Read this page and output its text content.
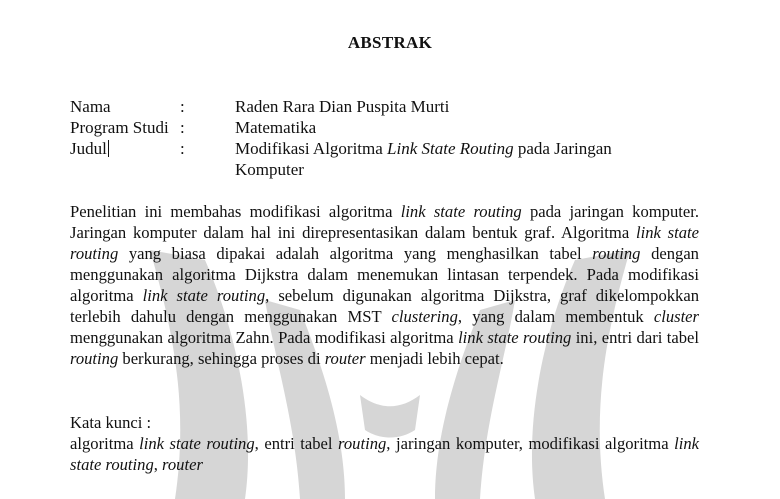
ABSTRAK
Nama	:	Raden Rara Dian Puspita Murti
Program Studi :	Matematika
Judul	:	Modifikasi Algoritma Link State Routing pada Jaringan Komputer
Penelitian ini membahas modifikasi algoritma link state routing pada jaringan komputer. Jaringan komputer dalam hal ini direpresentasikan dalam bentuk graf. Algoritma link state routing yang biasa dipakai adalah algoritma yang menghasilkan tabel routing dengan menggunakan algoritma Dijkstra dalam menemukan lintasan terpendek. Pada modifikasi algoritma link state routing, sebelum digunakan algoritma Dijkstra, graf dikelompokkan terlebih dahulu dengan menggunakan MST clustering, yang dalam membentuk cluster menggunakan algoritma Zahn. Pada modifikasi algoritma link state routing ini, entri dari tabel routing berkurang, sehingga proses di router menjadi lebih cepat.
Kata kunci :
algoritma link state routing, entri tabel routing, jaringan komputer, modifikasi algoritma link state routing, router
